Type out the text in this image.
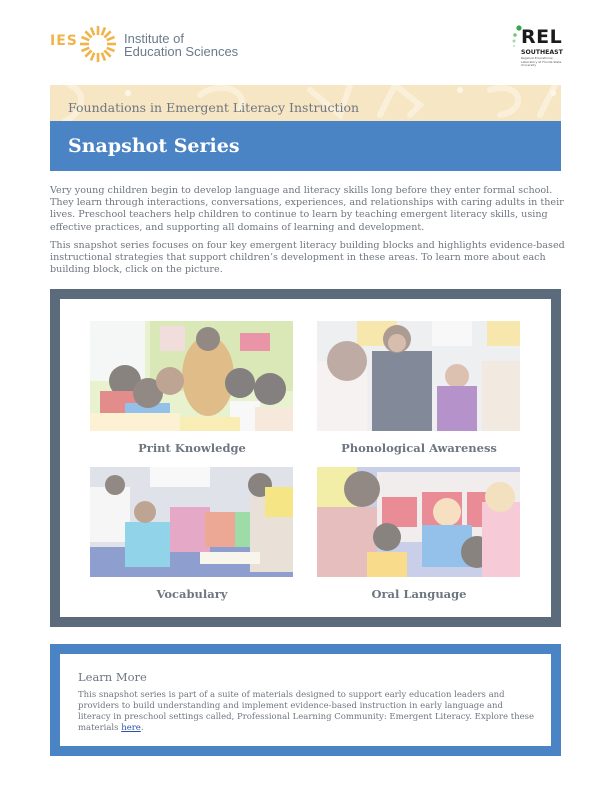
IES	Institute of
Education Sciences
REL
SOUTHEAST
Regional Educational Laboratory at Florida State University
Foundations in Emergent Literacy Instruction
Snapshot Series

Very young children begin to develop language and literacy skills long before they enter formal school. They learn through interactions, conversations, experiences, and relationships with caring adults in their lives. Preschool teachers help children to continue to learn by teaching emergent literacy skills, using effective practices, and supporting all domains of learning and development.

This snapshot series focuses on four key emergent literacy building blocks and highlights evidence-based instructional strategies that support children’s development in these areas. To learn more about each building block, click on the picture.

Print Knowledge	Phonological Awareness
Vocabulary	Oral Language
Learn More

This snapshot series is part of a suite of materials designed to support early education leaders and providers to build understanding and implement evidence-based instruction in early language and literacy in preschool settings called, Professional Learning Community: Emergent Literacy. Explore these materials here.
